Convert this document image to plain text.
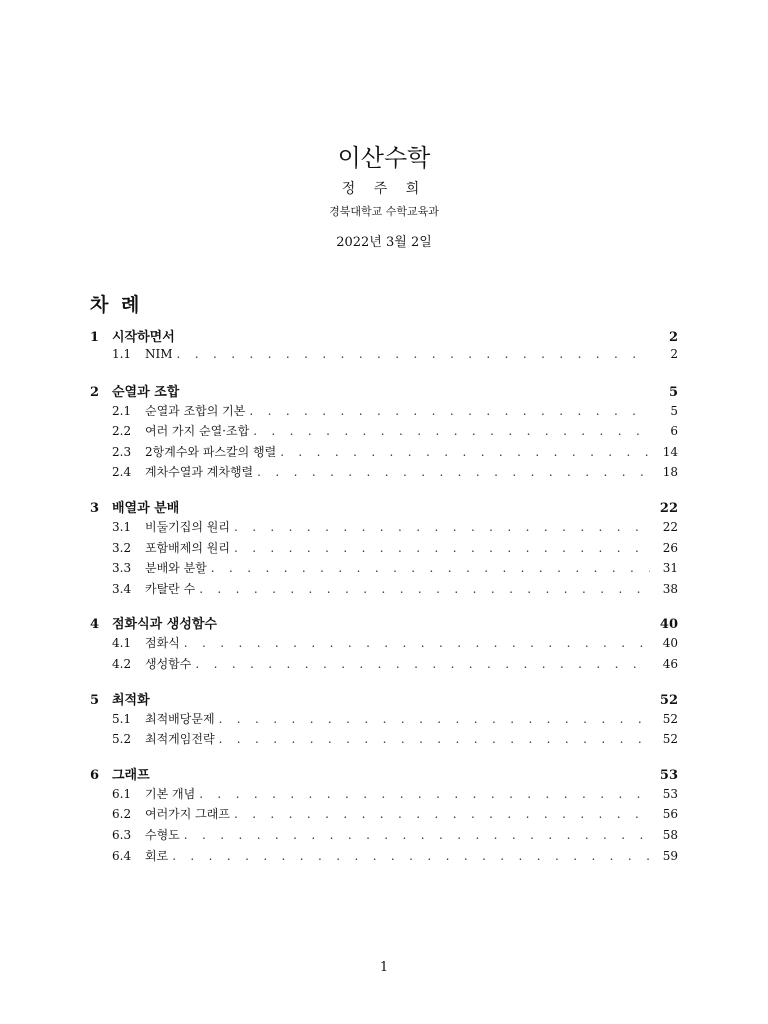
이산수학
정 주 희
경북대학교 수학교육과
2022년 3월 2일
차 례
1 시작하면서	2
1.1	NIM . . .	2
2 순열과 조합	5
2.1	순열과 조합의 기본 . . .	5
2.2	여러 가지 순열·조합 . . .	6
2.3	2항계수와 파스칼의 행렬 . . .	14
2.4	계차수열과 계차행렬 . . .	18
3 배열과 분배	22
3.1	비둘기집의 원리 . . .	22
3.2	포함배제의 원리 . . .	26
3.3	분배와 분할 . . .	31
3.4	카탈란 수 . . .	38
4 점화식과 생성함수	40
4.1	점화식 . . .	40
4.2	생성함수 . . .	46
5 최적화	52
5.1	최적배당문제 . . .	52
5.2	최적게임전략 . . .	52
6 그래프	53
6.1	기본 개념 . . .	53
6.2	여러가지 그래프 . . .	56
6.3	수형도 . . .	58
6.4	회로 . . .	59
1
